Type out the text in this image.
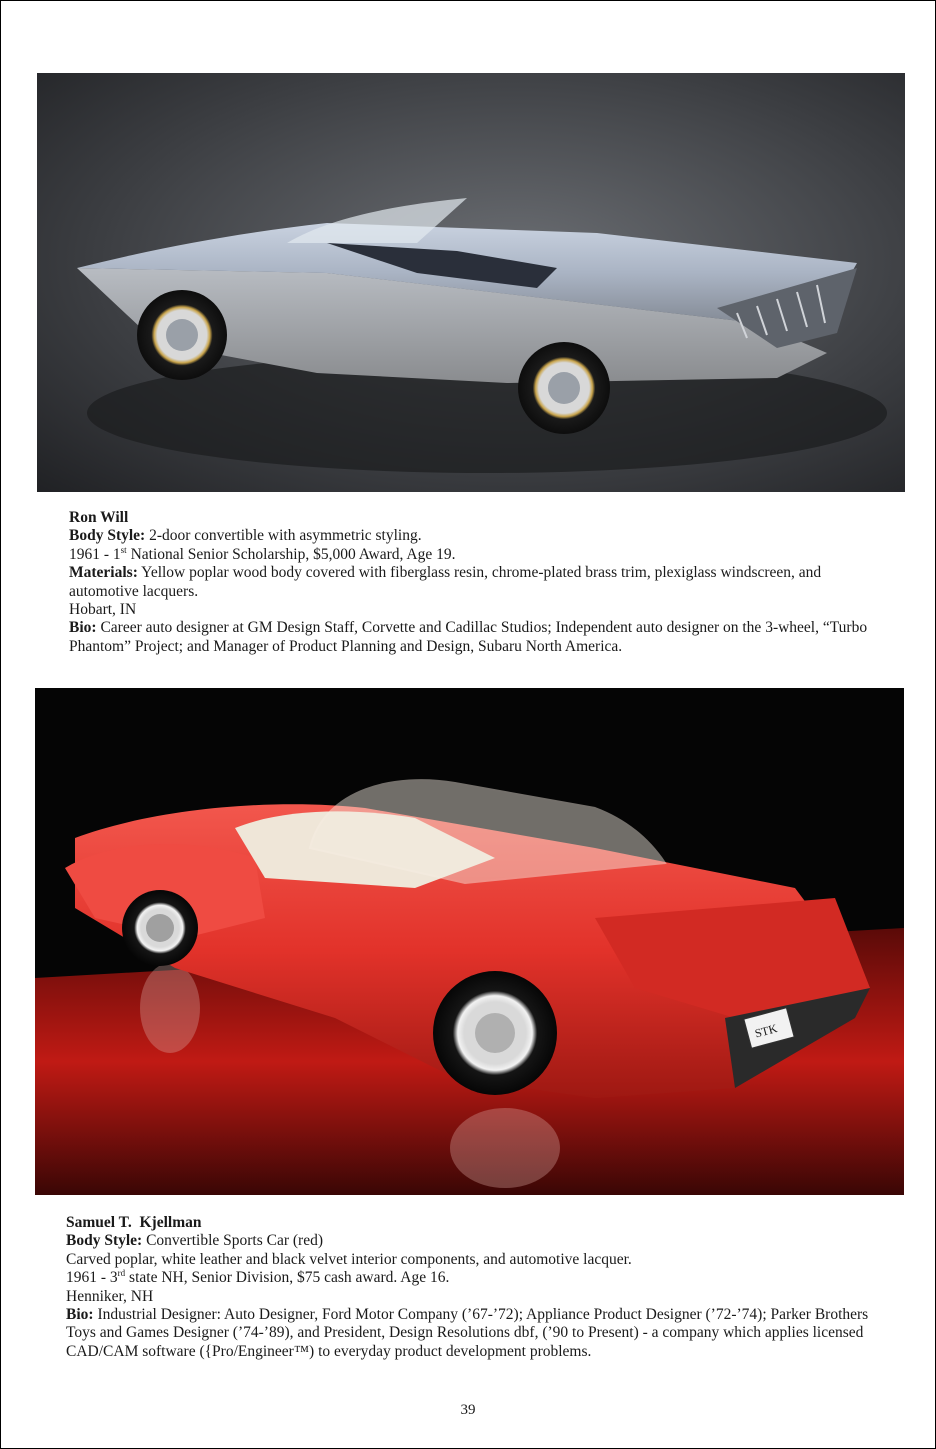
Ron Will

Body Style: 2-door convertible with asymmetric styling.

1961 - 1st National Senior Scholarship, $5,000 Award, Age 19.

Materials: Yellow poplar wood body covered with fiberglass resin, chrome-plated brass trim, plexiglass windscreen, and automotive lacquers.

Hobart, IN

Bio: Career auto designer at GM Design Staff, Corvette and Cadillac Studios; Independent auto designer on the 3-wheel, “Turbo Phantom” Project; and Manager of Product Planning and Design, Subaru North America.

STK

Samuel T.  Kjellman

Body Style: Convertible Sports Car (red)

Carved poplar, white leather and black velvet interior components, and automotive lacquer.

1961 - 3rd state NH, Senior Division, $75 cash award. Age 16.

Henniker, NH

Bio: Industrial Designer: Auto Designer, Ford Motor Company (’67-’72); Appliance Product Designer (’72-’74); Parker Brothers Toys and Games Designer (’74-’89), and President, Design Resolutions dbf, (’90 to Present) - a company which applies licensed CAD/CAM software ({Pro/Engineer™) to everyday product development problems.

39
